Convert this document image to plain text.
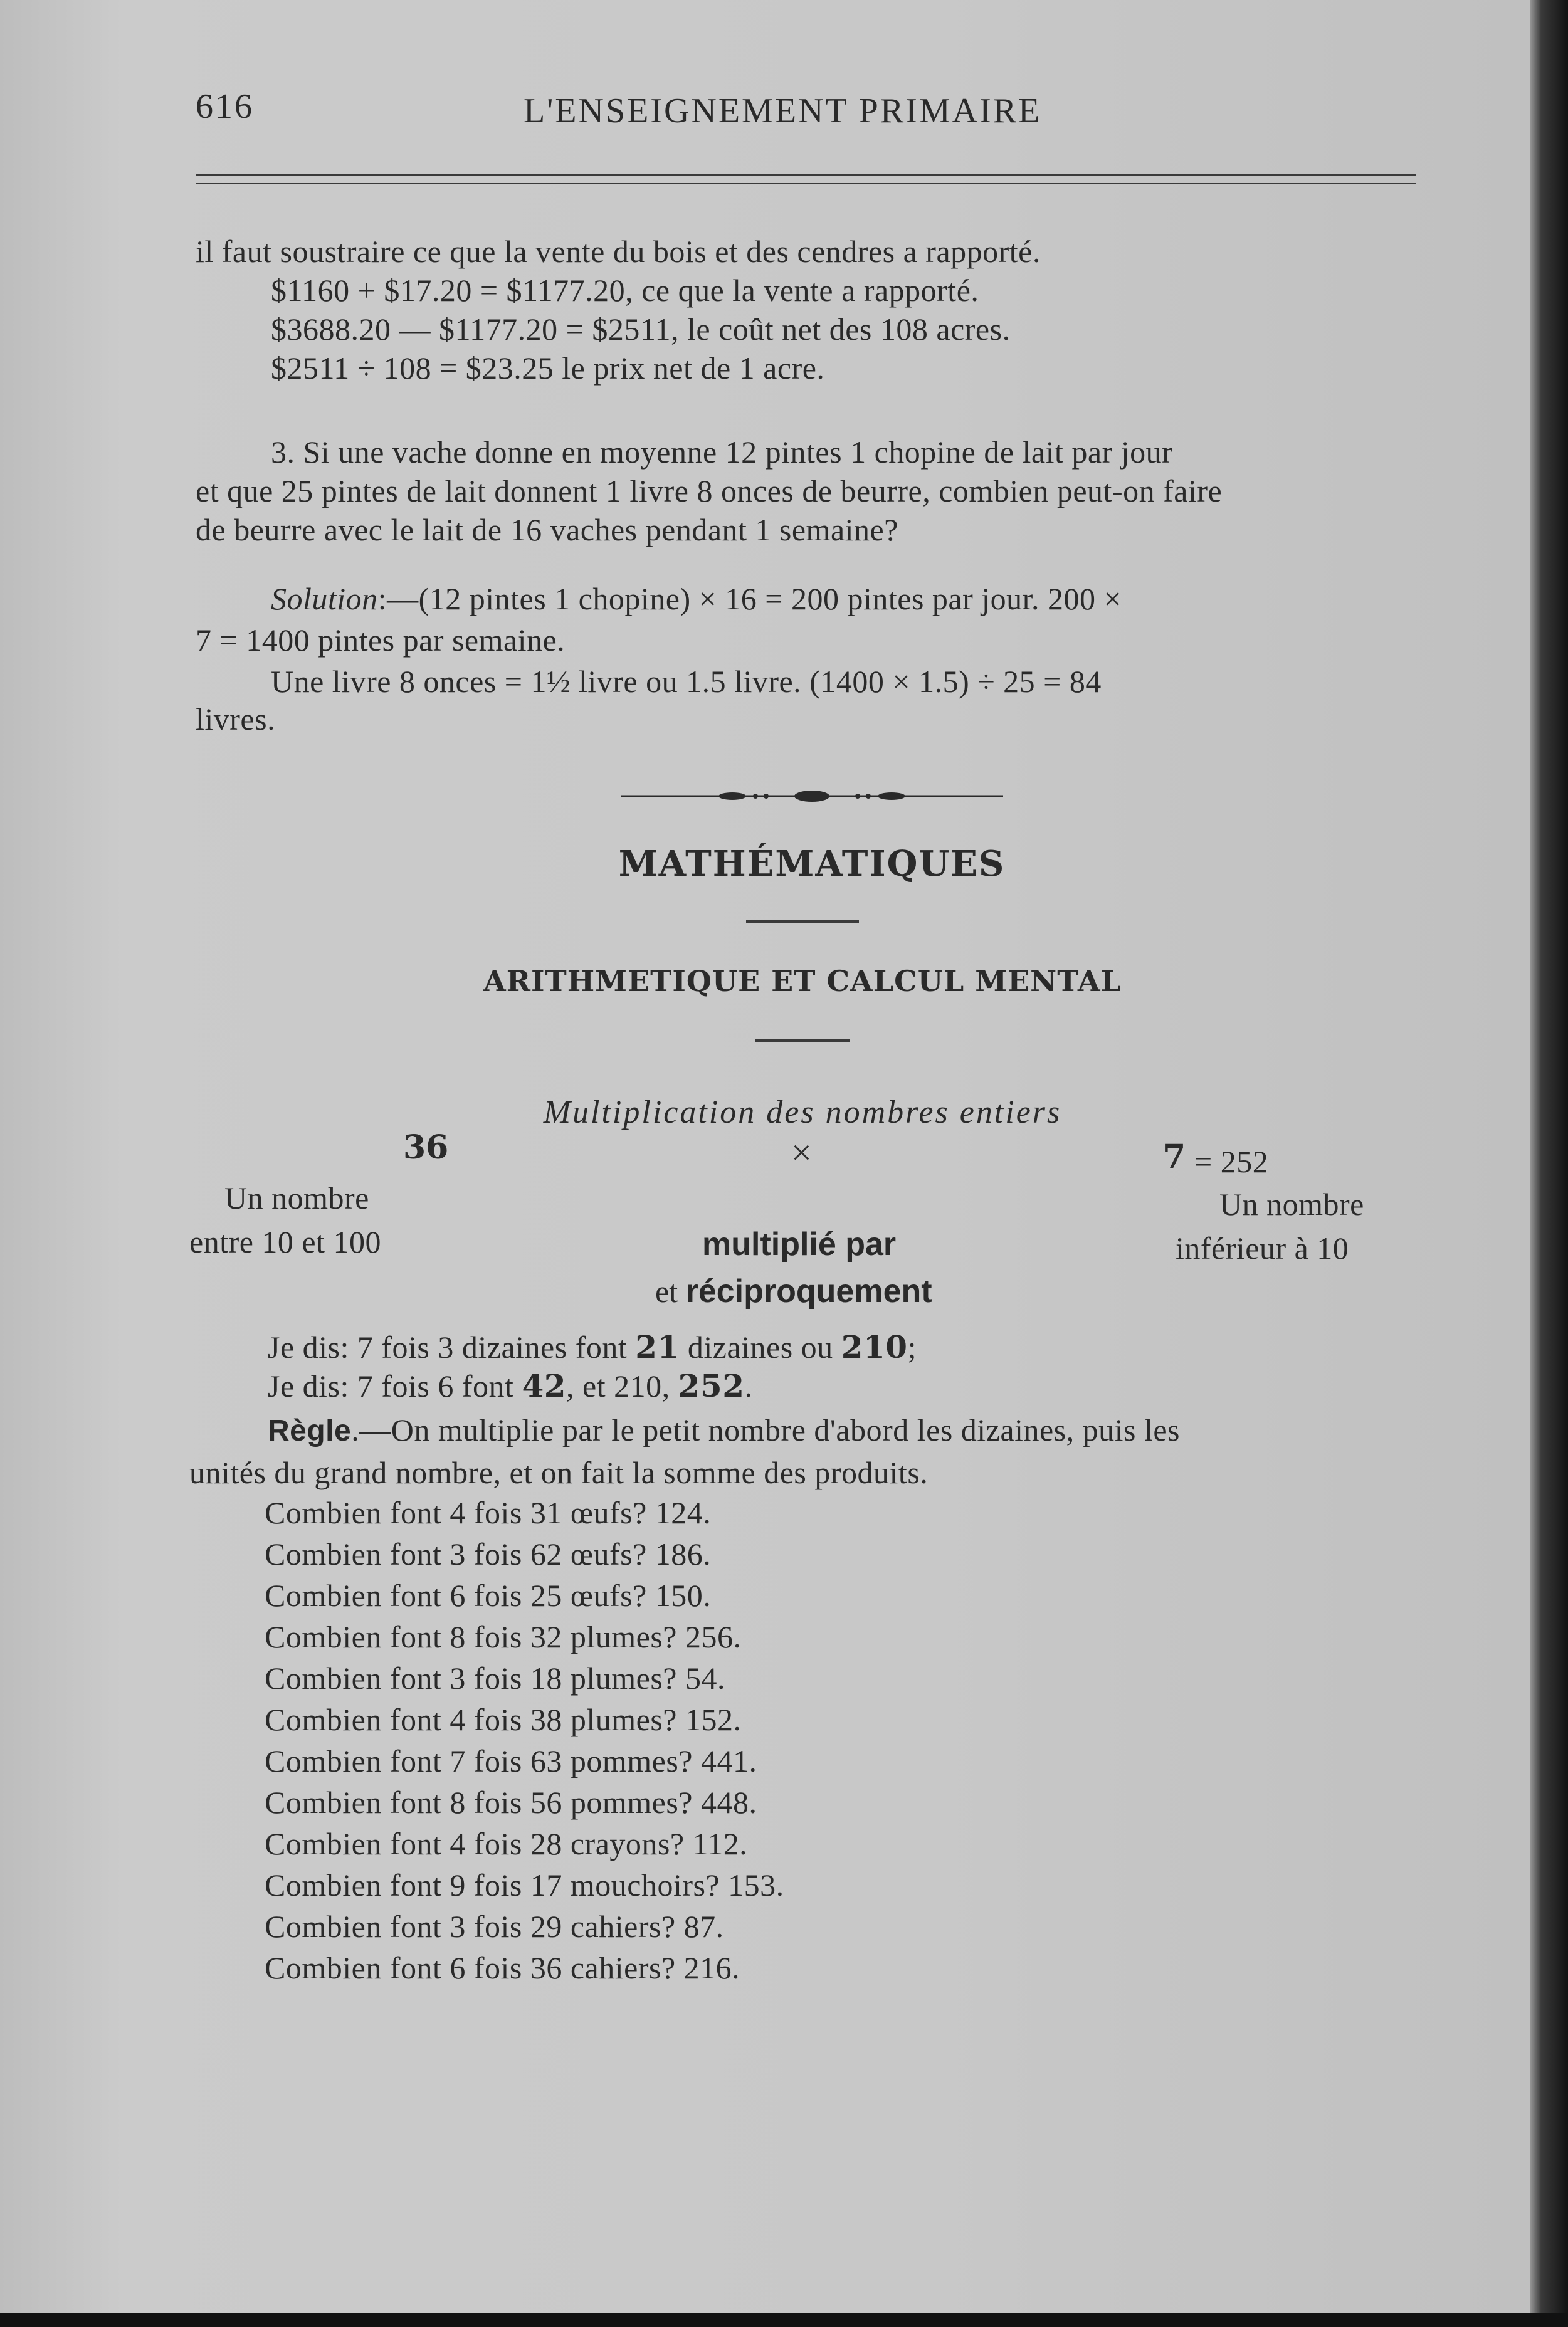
616	L'ENSEIGNEMENT PRIMAIRE
il faut soustraire ce que la vente du bois et des cendres a rapporté.
$1160 + $17.20 = $1177.20, ce que la vente a rapporté.
$3688.20 — $1177.20 = $2511, le coût net des 108 acres.
$2511 ÷ 108 = $23.25 le prix net de 1 acre.
3. Si une vache donne en moyenne 12 pintes 1 chopine de lait par jour
et que 25 pintes de lait donnent 1 livre 8 onces de beurre, combien peut-on faire
de beurre avec le lait de 16 vaches pendant 1 semaine?
Solution:—(12 pintes 1 chopine) × 16 = 200 pintes par jour. 200 ×
7 = 1400 pintes par semaine.
Une livre 8 onces = 1½ livre ou 1.5 livre. (1400 × 1.5) ÷ 25 = 84
livres.
MATHÉMATIQUES
ARITHMETIQUE ET CALCUL MENTAL
Multiplication des nombres entiers
36	×	7 = 252
Un nombre
entre 10 et 100	multiplié par
et réciproquement
Un nombre
inférieur à 10
Je dis: 7 fois 3 dizaines font 21 dizaines ou 210;
Je dis: 7 fois 6 font 42, et 210, 252.
Règle.—On multiplie par le petit nombre d'abord les dizaines, puis les
unités du grand nombre, et on fait la somme des produits.
Combien font 4 fois 31 œufs? 124.
Combien font 3 fois 62 œufs? 186.
Combien font 6 fois 25 œufs? 150.
Combien font 8 fois 32 plumes? 256.
Combien font 3 fois 18 plumes? 54.
Combien font 4 fois 38 plumes? 152.
Combien font 7 fois 63 pommes? 441.
Combien font 8 fois 56 pommes? 448.
Combien font 4 fois 28 crayons? 112.
Combien font 9 fois 17 mouchoirs? 153.
Combien font 3 fois 29 cahiers? 87.
Combien font 6 fois 36 cahiers? 216.
